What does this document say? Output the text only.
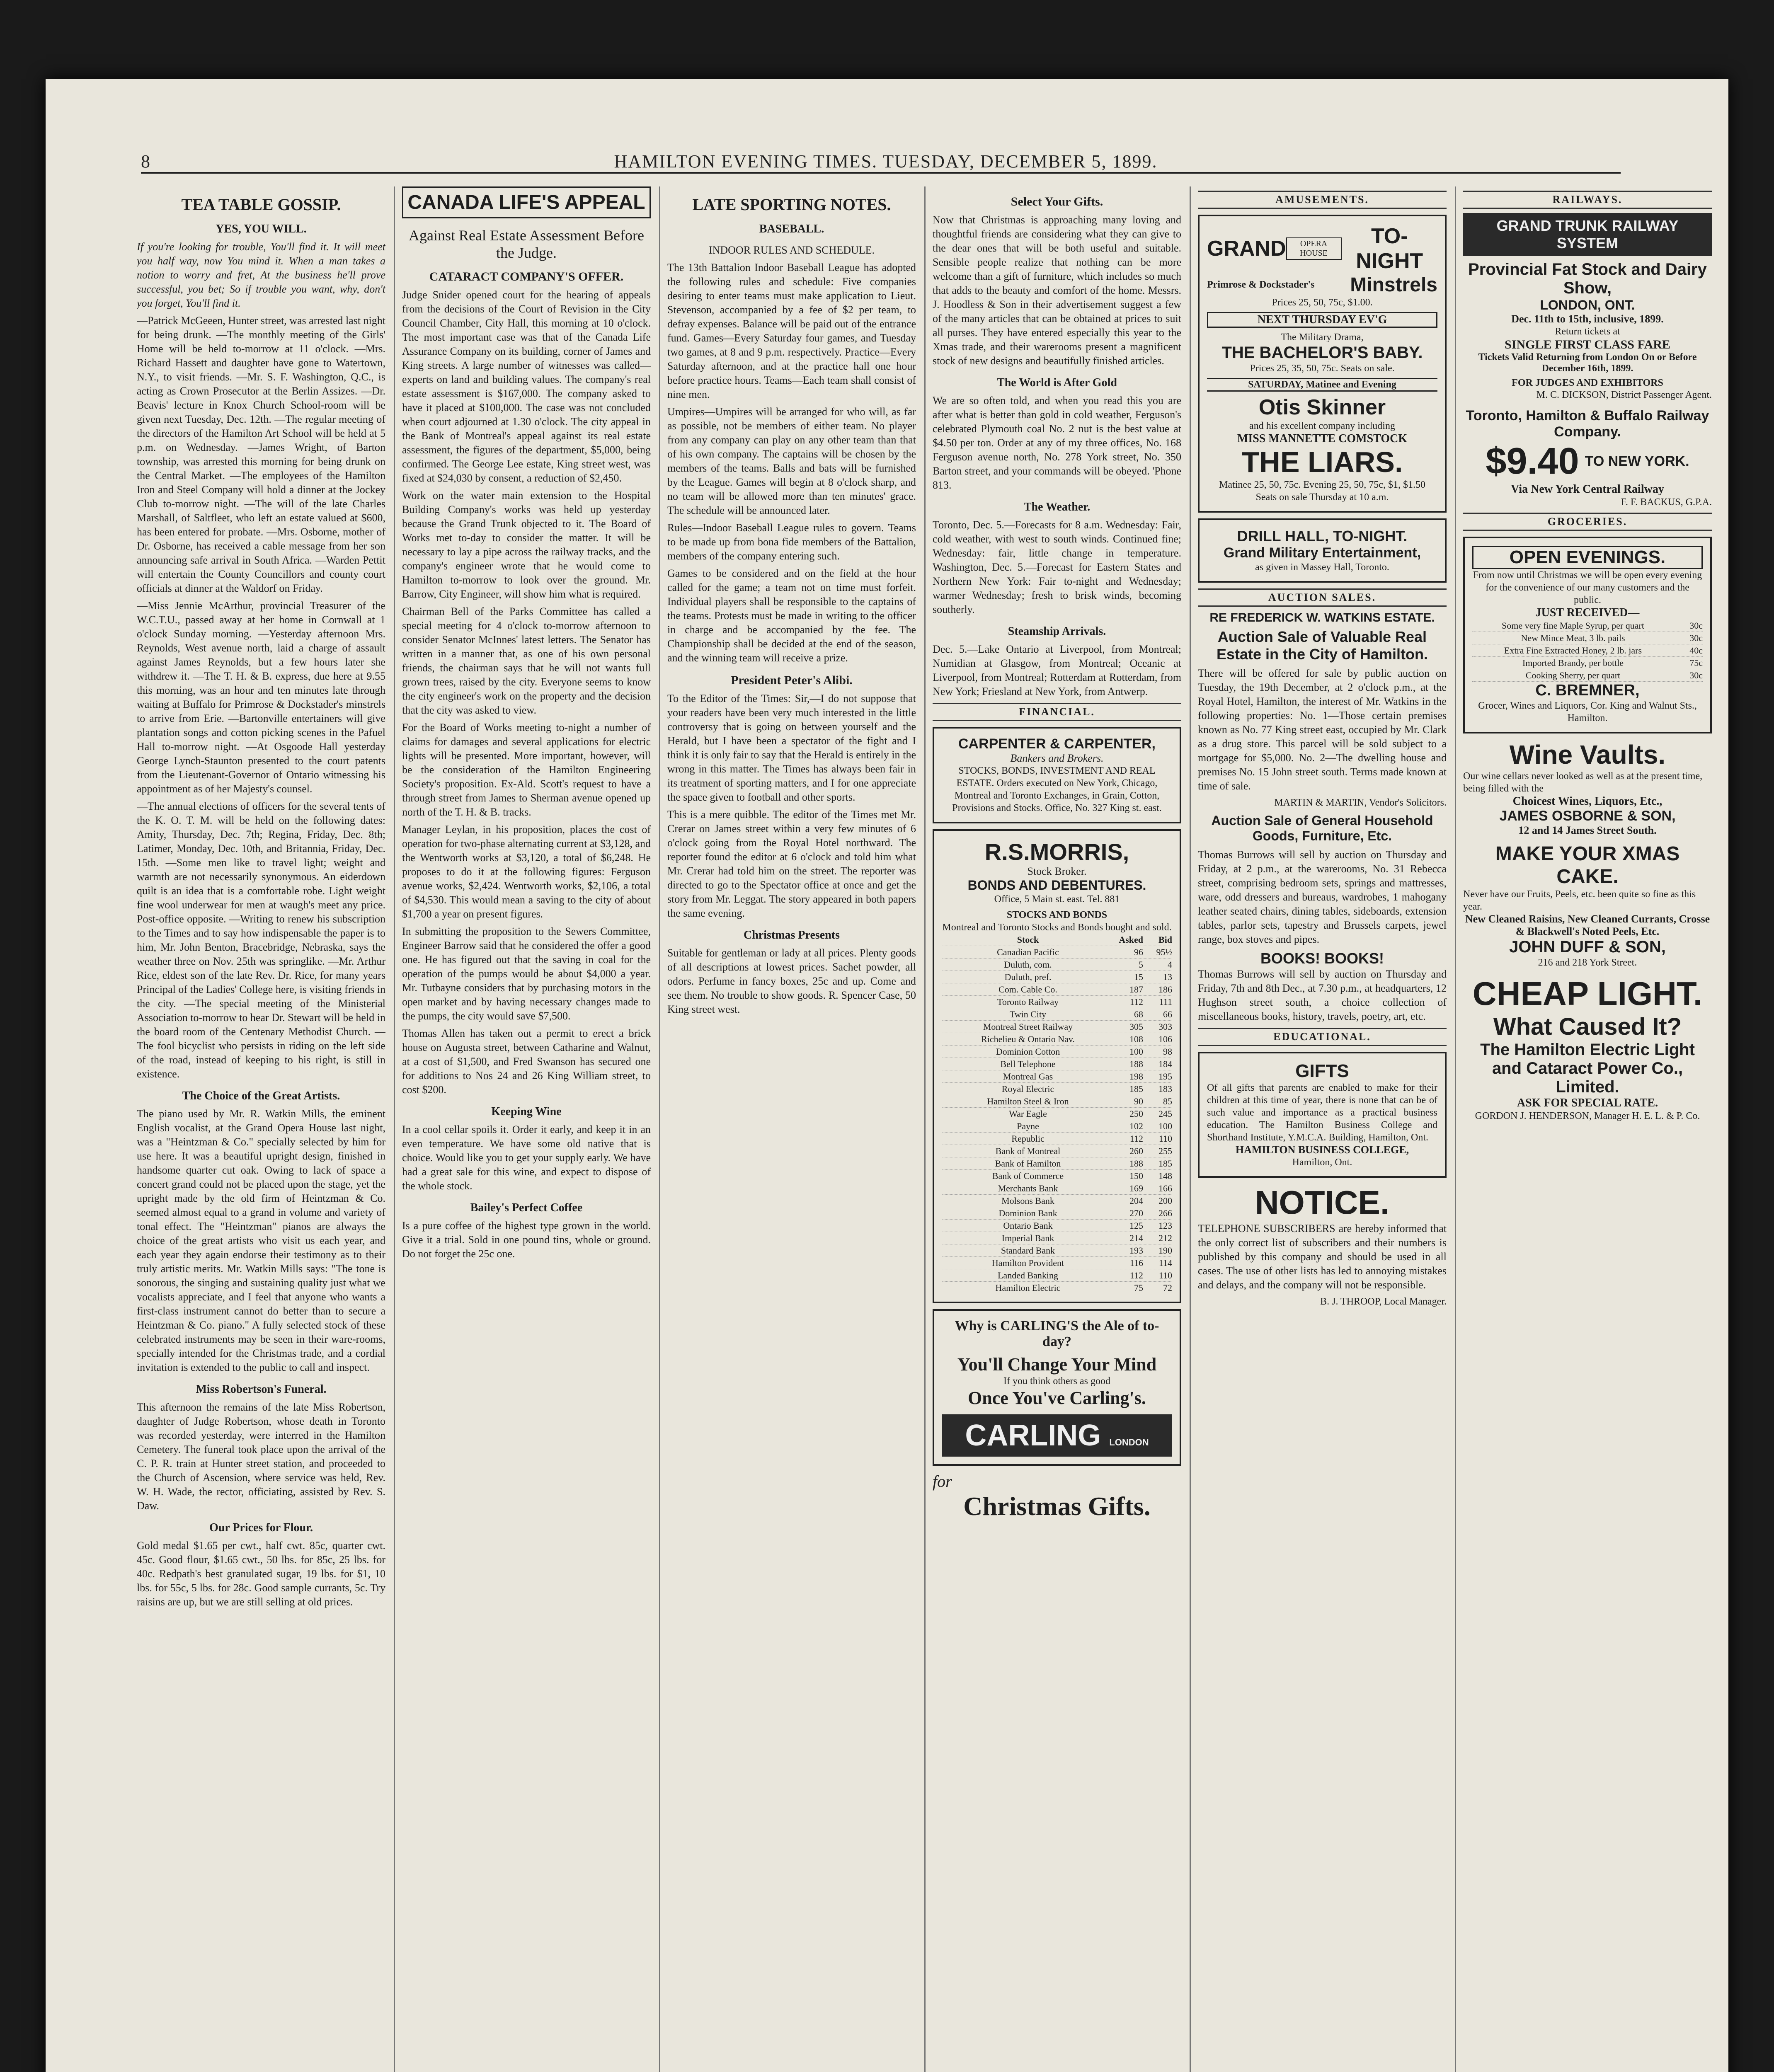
8	HAMILTON EVENING TIMES. TUESDAY, DECEMBER 5, 1899.
TEA TABLE GOSSIP.
YES, YOU WILL.

If you're looking for trouble, You'll find it. It will meet you half way, now You mind it. When a man takes a notion to worry and fret, At the business he'll prove successful, you bet; So if trouble you want, why, don't you forget, You'll find it.

—Patrick McGeeen, Hunter street, was arrested last night for being drunk. —The monthly meeting of the Girls' Home will be held to-morrow at 11 o'clock. —Mrs. Richard Hassett and daughter have gone to Watertown, N.Y., to visit friends. —Mr. S. F. Washington, Q.C., is acting as Crown Prosecutor at the Berlin Assizes. —Dr. Beavis' lecture in Knox Church School-room will be given next Tuesday, Dec. 12th. —The regular meeting of the directors of the Hamilton Art School will be held at 5 p.m. on Wednesday. —James Wright, of Barton township, was arrested this morning for being drunk on the Central Market. —The employees of the Hamilton Iron and Steel Company will hold a dinner at the Jockey Club to-morrow night. —The will of the late Charles Marshall, of Saltfleet, who left an estate valued at $600, has been entered for probate. —Mrs. Osborne, mother of Dr. Osborne, has received a cable message from her son announcing safe arrival in South Africa. —Warden Pettit will entertain the County Councillors and county court officials at dinner at the Waldorf on Friday.

—Miss Jennie McArthur, provincial Treasurer of the W.C.T.U., passed away at her home in Cornwall at 1 o'clock Sunday morning. —Yesterday afternoon Mrs. Reynolds, West avenue north, laid a charge of assault against James Reynolds, but a few hours later she withdrew it. —The T. H. & B. express, due here at 9.55 this morning, was an hour and ten minutes late through waiting at Buffalo for Primrose & Dockstader's minstrels to arrive from Erie. —Bartonville entertainers will give plantation songs and cotton picking scenes in the Pafuel Hall to-morrow night. —At Osgoode Hall yesterday George Lynch-Staunton presented to the court patents from the Lieutenant-Governor of Ontario witnessing his appointment as of her Majesty's counsel.

—The annual elections of officers for the several tents of the K. O. T. M. will be held on the following dates: Amity, Thursday, Dec. 7th; Regina, Friday, Dec. 8th; Latimer, Monday, Dec. 10th, and Britannia, Friday, Dec. 15th. —Some men like to travel light; weight and warmth are not necessarily synonymous. An eiderdown quilt is an idea that is a comfortable robe. Light weight fine wool underwear for men at waugh's meet any price. Post-office opposite. —Writing to renew his subscription to the Times and to say how indispensable the paper is to him, Mr. John Benton, Bracebridge, Nebraska, says the weather three on Nov. 25th was springlike. —Mr. Arthur Rice, eldest son of the late Rev. Dr. Rice, for many years Principal of the Ladies' College here, is visiting friends in the city. —The special meeting of the Ministerial Association to-morrow to hear Dr. Stewart will be held in the board room of the Centenary Methodist Church. —The fool bicyclist who persists in riding on the left side of the road, instead of keeping to his right, is still in existence.

The Choice of the Great Artists.

The piano used by Mr. R. Watkin Mills, the eminent English vocalist, at the Grand Opera House last night, was a "Heintzman & Co." specially selected by him for use here. It was a beautiful upright design, finished in handsome quarter cut oak. Owing to lack of space a concert grand could not be placed upon the stage, yet the upright made by the old firm of Heintzman & Co. seemed almost equal to a grand in volume and variety of tonal effect. The "Heintzman" pianos are always the choice of the great artists who visit us each year, and each year they again endorse their testimony as to their truly artistic merits. Mr. Watkin Mills says: "The tone is sonorous, the singing and sustaining quality just what we vocalists appreciate, and I feel that anyone who wants a first-class instrument cannot do better than to secure a Heintzman & Co. piano." A fully selected stock of these celebrated instruments may be seen in their ware-rooms, specially intended for the Christmas trade, and a cordial invitation is extended to the public to call and inspect.

Miss Robertson's Funeral.

This afternoon the remains of the late Miss Robertson, daughter of Judge Robertson, whose death in Toronto was recorded yesterday, were interred in the Hamilton Cemetery. The funeral took place upon the arrival of the C. P. R. train at Hunter street station, and proceeded to the Church of Ascension, where service was held, Rev. W. H. Wade, the rector, officiating, assisted by Rev. S. Daw.

Our Prices for Flour.

Gold medal $1.65 per cwt., half cwt. 85c, quarter cwt. 45c. Good flour, $1.65 cwt., 50 lbs. for 85c, 25 lbs. for 40c. Redpath's best granulated sugar, 19 lbs. for $1, 10 lbs. for 55c, 5 lbs. for 28c. Good sample currants, 5c. Try raisins are up, but we are still selling at old prices.

CANADA LIFE'S APPEAL
Against Real Estate Assessment Before the Judge.
CATARACT COMPANY'S OFFER.

Judge Snider opened court for the hearing of appeals from the decisions of the Court of Revision in the City Council Chamber, City Hall, this morning at 10 o'clock. The most important case was that of the Canada Life Assurance Company on its building, corner of James and King streets. A large number of witnesses was called—experts on land and building values. The company's real estate assessment is $167,000. The company asked to have it placed at $100,000. The case was not concluded when court adjourned at 1.30 o'clock. The city appeal in the Bank of Montreal's appeal against its real estate assessment, the figures of the department, $5,000, being confirmed. The George Lee estate, King street west, was fixed at $24,030 by consent, a reduction of $2,450.

Work on the water main extension to the Hospital Building Company's works was held up yesterday because the Grand Trunk objected to it. The Board of Works met to-day to consider the matter. It will be necessary to lay a pipe across the railway tracks, and the company's engineer wrote that he would come to Hamilton to-morrow to look over the ground. Mr. Barrow, City Engineer, will show him what is required.

Chairman Bell of the Parks Committee has called a special meeting for 4 o'clock to-morrow afternoon to consider Senator McInnes' latest letters. The Senator has written in a manner that, as one of his own personal friends, the chairman says that he will not wants full grown trees, raised by the city. Everyone seems to know the city engineer's work on the property and the decision that the city was asked to view.

For the Board of Works meeting to-night a number of claims for damages and several applications for electric lights will be presented. More important, however, will be the consideration of the Hamilton Engineering Society's proposition. Ex-Ald. Scott's request to have a through street from James to Sherman avenue opened up north of the T. H. & B. tracks.

Manager Leylan, in his proposition, places the cost of operation for two-phase alternating current at $3,128, and the Wentworth works at $3,120, a total of $6,248. He proposes to do it at the following figures: Ferguson avenue works, $2,424. Wentworth works, $2,106, a total of $4,530. This would mean a saving to the city of about $1,700 a year on present figures.

In submitting the proposition to the Sewers Committee, Engineer Barrow said that he considered the offer a good one. He has figured out that the saving in coal for the operation of the pumps would be about $4,000 a year. Mr. Tutbayne considers that by purchasing motors in the open market and by having necessary changes made to the pumps, the city would save $7,500.

Thomas Allen has taken out a permit to erect a brick house on Augusta street, between Catharine and Walnut, at a cost of $1,500, and Fred Swanson has secured one for additions to Nos 24 and 26 King William street, to cost $200.

Keeping Wine

In a cool cellar spoils it. Order it early, and keep it in an even temperature. We have some old native that is choice. Would like you to get your supply early. We have had a great sale for this wine, and expect to dispose of the whole stock.

Bailey's Perfect Coffee

Is a pure coffee of the highest type grown in the world. Give it a trial. Sold in one pound tins, whole or ground. Do not forget the 25c one.

LATE SPORTING NOTES.
BASEBALL.
INDOOR RULES AND SCHEDULE.

The 13th Battalion Indoor Baseball League has adopted the following rules and schedule: Five companies desiring to enter teams must make application to Lieut. Stevenson, accompanied by a fee of $2 per team, to defray expenses. Balance will be paid out of the entrance fund. Games—Every Saturday four games, and Tuesday two games, at 8 and 9 p.m. respectively. Practice—Every Saturday afternoon, and at the practice hall one hour before practice hours. Teams—Each team shall consist of nine men.

Umpires—Umpires will be arranged for who will, as far as possible, not be members of either team. No player from any company can play on any other team than that of his own company. The captains will be chosen by the members of the teams. Balls and bats will be furnished by the League. Games will begin at 8 o'clock sharp, and no team will be allowed more than ten minutes' grace. The schedule will be announced later.

Rules—Indoor Baseball League rules to govern. Teams to be made up from bona fide members of the Battalion, members of the company entering such.

Games to be considered and on the field at the hour called for the game; a team not on time must forfeit. Individual players shall be responsible to the captains of the teams. Protests must be made in writing to the officer in charge and be accompanied by the fee. The Championship shall be decided at the end of the season, and the winning team will receive a prize.

President Peter's Alibi.

To the Editor of the Times: Sir,—I do not suppose that your readers have been very much interested in the little controversy that is going on between yourself and the Herald, but I have been a spectator of the fight and I think it is only fair to say that the Herald is entirely in the wrong in this matter. The Times has always been fair in its treatment of sporting matters, and I for one appreciate the space given to football and other sports.

This is a mere quibble. The editor of the Times met Mr. Crerar on James street within a very few minutes of 6 o'clock going from the Royal Hotel northward. The reporter found the editor at 6 o'clock and told him what Mr. Crerar had told him on the street. The reporter was directed to go to the Spectator office at once and get the story from Mr. Leggat. The story appeared in both papers the same evening.

Christmas Presents

Suitable for gentleman or lady at all prices. Plenty goods of all descriptions at lowest prices. Sachet powder, all odors. Perfume in fancy boxes, 25c and up. Come and see them. No trouble to show goods. R. Spencer Case, 50 King street west.

Select Your Gifts.

Now that Christmas is approaching many loving and thoughtful friends are considering what they can give to the dear ones that will be both useful and suitable. Sensible people realize that nothing can be more welcome than a gift of furniture, which includes so much that adds to the beauty and comfort of the home. Messrs. J. Hoodless & Son in their advertisement suggest a few of the many articles that can be obtained at prices to suit all purses. They have entered especially this year to the Xmas trade, and their warerooms present a magnificent stock of new designs and beautifully finished articles.

The World is After Gold

We are so often told, and when you read this you are after what is better than gold in cold weather, Ferguson's celebrated Plymouth coal No. 2 nut is the best value at $4.50 per ton. Order at any of my three offices, No. 168 Ferguson avenue north, No. 278 York street, No. 350 Barton street, and your commands will be obeyed. 'Phone 813.

The Weather.

Toronto, Dec. 5.—Forecasts for 8 a.m. Wednesday: Fair, cold weather, with west to south winds. Continued fine; Wednesday: fair, little change in temperature. Washington, Dec. 5.—Forecast for Eastern States and Northern New York: Fair to-night and Wednesday; warmer Wednesday; fresh to brisk winds, becoming southerly.

Steamship Arrivals.

Dec. 5.—Lake Ontario at Liverpool, from Montreal; Numidian at Glasgow, from Montreal; Oceanic at Liverpool, from Montreal; Rotterdam at Rotterdam, from New York; Friesland at New York, from Antwerp.

FINANCIAL.
CARPENTER & CARPENTER,
Bankers and Brokers.
STOCKS, BONDS, INVESTMENT AND REAL ESTATE. Orders executed on New York, Chicago, Montreal and Toronto Exchanges, in Grain, Cotton, Provisions and Stocks. Office, No. 327 King st. east.
R.S.MORRIS,
Stock Broker.
BONDS AND DEBENTURES.
Office, 5 Main st. east. Tel. 881
STOCKS AND BONDS
Montreal and Toronto Stocks and Bonds bought and sold.
Stock	Asked	Bid
Canadian Pacific	96	95½
Duluth, com.	5	4
Duluth, pref.	15	13
Com. Cable Co.	187	186
Toronto Railway	112	111
Twin City	68	66
Montreal Street Railway	305	303
Richelieu & Ontario Nav.	108	106
Dominion Cotton	100	98
Bell Telephone	188	184
Montreal Gas	198	195
Royal Electric	185	183
Hamilton Steel & Iron	90	85
War Eagle	250	245
Payne	102	100
Republic	112	110
Bank of Montreal	260	255
Bank of Hamilton	188	185
Bank of Commerce	150	148
Merchants Bank	169	166
Molsons Bank	204	200
Dominion Bank	270	266
Ontario Bank	125	123
Imperial Bank	214	212
Standard Bank	193	190
Hamilton Provident	116	114
Landed Banking	112	110
Hamilton Electric	75	72
Why is CARLING'S the Ale of to-day?
You'll Change Your Mind
If you think others as good
Once You've Carling's.
CARLING LONDON
for
Christmas Gifts.
AMUSEMENTS.
GRAND	OPERA HOUSE
TO-NIGHT
Primrose & Dockstader's Minstrels
Prices 25, 50, 75c, $1.00.
NEXT THURSDAY EV'G
The Military Drama,
THE BACHELOR'S BABY.
Prices 25, 35, 50, 75c. Seats on sale.
SATURDAY, Matinee and Evening
Otis Skinner
and his excellent company including
MISS MANNETTE COMSTOCK
THE LIARS.
Matinee 25, 50, 75c. Evening 25, 50, 75c, $1, $1.50
Seats on sale Thursday at 10 a.m.
DRILL HALL, TO-NIGHT.
Grand Military Entertainment,
as given in Massey Hall, Toronto.
AUCTION SALES.
RE FREDERICK W. WATKINS ESTATE.
Auction Sale of Valuable Real Estate in the City of Hamilton.

There will be offered for sale by public auction on Tuesday, the 19th December, at 2 o'clock p.m., at the Royal Hotel, Hamilton, the interest of Mr. Watkins in the following properties: No. 1—Those certain premises known as No. 77 King street east, occupied by Mr. Clark as a drug store. This parcel will be sold subject to a mortgage for $5,000. No. 2—The dwelling house and premises No. 15 John street south. Terms made known at time of sale.

MARTIN & MARTIN, Vendor's Solicitors.
Auction Sale of General Household Goods, Furniture, Etc.

Thomas Burrows will sell by auction on Thursday and Friday, at 2 p.m., at the warerooms, No. 31 Rebecca street, comprising bedroom sets, springs and mattresses, ware, odd dressers and bureaus, wardrobes, 1 mahogany leather seated chairs, dining tables, sideboards, extension tables, parlor sets, tapestry and Brussels carpets, jewel range, box stoves and pipes.

BOOKS! BOOKS!

Thomas Burrows will sell by auction on Thursday and Friday, 7th and 8th Dec., at 7.30 p.m., at headquarters, 12 Hughson street south, a choice collection of miscellaneous books, history, travels, poetry, art, etc.

EDUCATIONAL.
GIFTS
Of all gifts that parents are enabled to make for their children at this time of year, there is none that can be of such value and importance as a practical business education. The Hamilton Business College and Shorthand Institute, Y.M.C.A. Building, Hamilton, Ont.
HAMILTON BUSINESS COLLEGE,
Hamilton, Ont.
NOTICE.

TELEPHONE SUBSCRIBERS are hereby informed that the only correct list of subscribers and their numbers is published by this company and should be used in all cases. The use of other lists has led to annoying mistakes and delays, and the company will not be responsible.

B. J. THROOP, Local Manager.
RAILWAYS.
GRAND TRUNK RAILWAY SYSTEM
Provincial Fat Stock and Dairy Show,
LONDON, ONT.
Dec. 11th to 15th, inclusive, 1899.
Return tickets at
SINGLE FIRST CLASS FARE
Tickets Valid Returning from London On or Before December 16th, 1899.
FOR JUDGES AND EXHIBITORS
M. C. DICKSON, District Passenger Agent.
Toronto, Hamilton & Buffalo Railway Company.
$9.40 TO NEW YORK.
Via New York Central Railway
F. F. BACKUS, G.P.A.
GROCERIES.
OPEN EVENINGS.
From now until Christmas we will be open every evening for the convenience of our many customers and the public.
JUST RECEIVED—
Some very fine Maple Syrup, per quart	30c
New Mince Meat, 3 lb. pails	30c
Extra Fine Extracted Honey, 2 lb. jars	40c
Imported Brandy, per bottle	75c
Cooking Sherry, per quart	30c
C. BREMNER,
Grocer, Wines and Liquors, Cor. King and Walnut Sts., Hamilton.
Wine Vaults.
Our wine cellars never looked as well as at the present time, being filled with the
Choicest Wines, Liquors, Etc.,
JAMES OSBORNE & SON,
12 and 14 James Street South.
MAKE YOUR XMAS CAKE.
Never have our Fruits, Peels, etc. been quite so fine as this year.
New Cleaned Raisins, New Cleaned Currants, Crosse & Blackwell's Noted Peels, Etc.
JOHN DUFF & SON,
216 and 218 York Street.
CHEAP LIGHT.
What Caused It?
The Hamilton Electric Light and Cataract Power Co., Limited.
ASK FOR SPECIAL RATE.
GORDON J. HENDERSON, Manager H. E. L. & P. Co.
